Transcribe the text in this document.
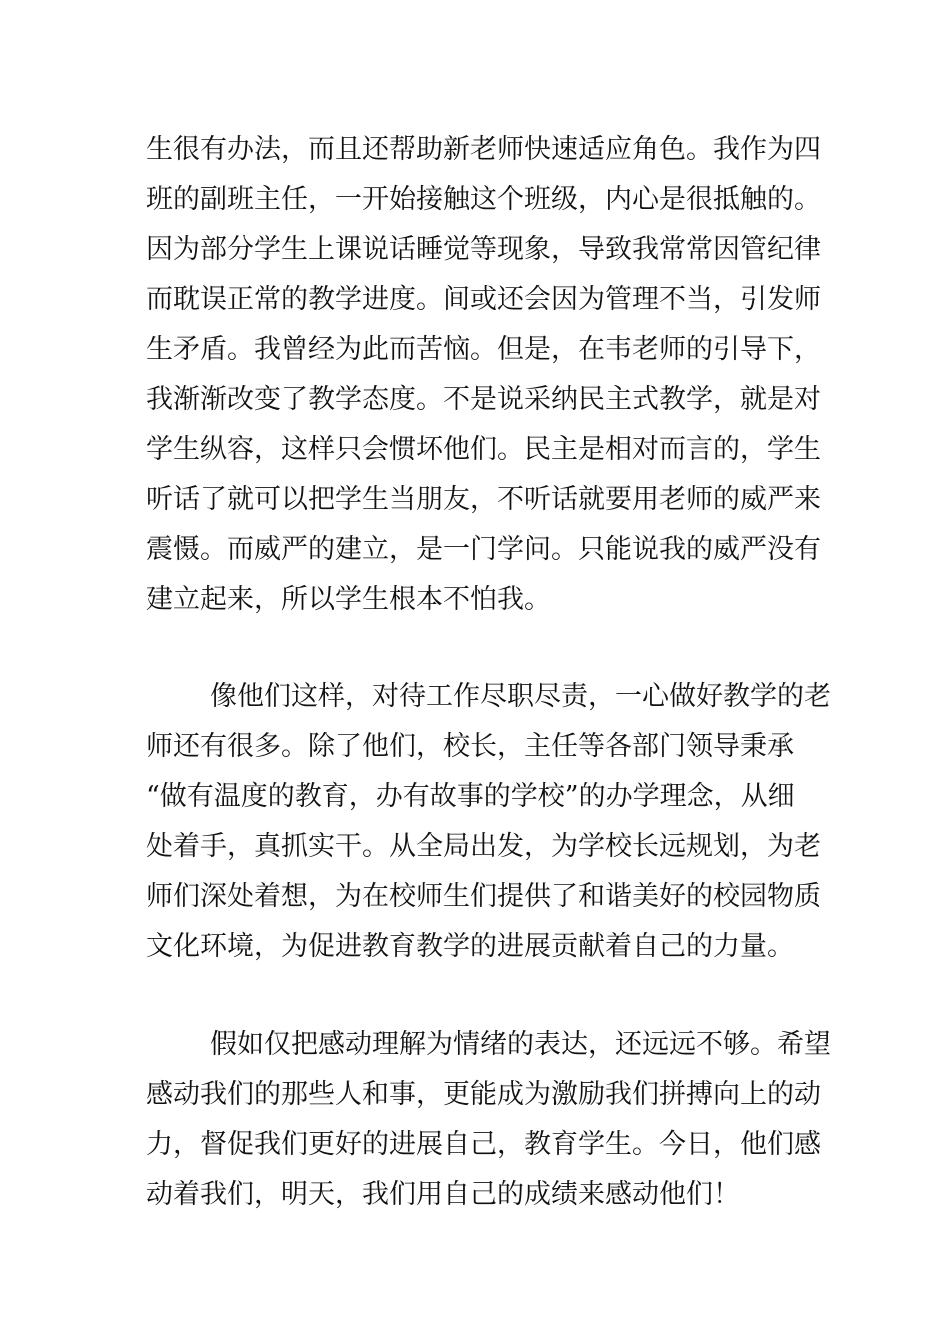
生很有办法，而且还帮助新老师快速适应角色。我作为四

班的副班主任，一开始接触这个班级，内心是很抵触的。

因为部分学生上课说话睡觉等现象，导致我常常因管纪律

而耽误正常的教学进度。间或还会因为管理不当，引发师

生矛盾。我曾经为此而苦恼。但是，在韦老师的引导下，

我渐渐改变了教学态度。不是说采纳民主式教学，就是对

学生纵容，这样只会惯坏他们。民主是相对而言的，学生

听话了就可以把学生当朋友，不听话就要用老师的威严来

震慑。而威严的建立，是一门学问。只能说我的威严没有

建立起来，所以学生根本不怕我。

像他们这样，对待工作尽职尽责，一心做好教学的老

师还有很多。除了他们，校长，主任等各部门领导秉承

“做有温度的教育，办有故事的学校”的办学理念，从细

处着手，真抓实干。从全局出发，为学校长远规划，为老

师们深处着想，为在校师生们提供了和谐美好的校园物质

文化环境，为促进教育教学的进展贡献着自己的力量。

假如仅把感动理解为情绪的表达，还远远不够。希望

感动我们的那些人和事，更能成为激励我们拼搏向上的动

力，督促我们更好的进展自己，教育学生。今日，他们感

动着我们，明天，我们用自己的成绩来感动他们！
